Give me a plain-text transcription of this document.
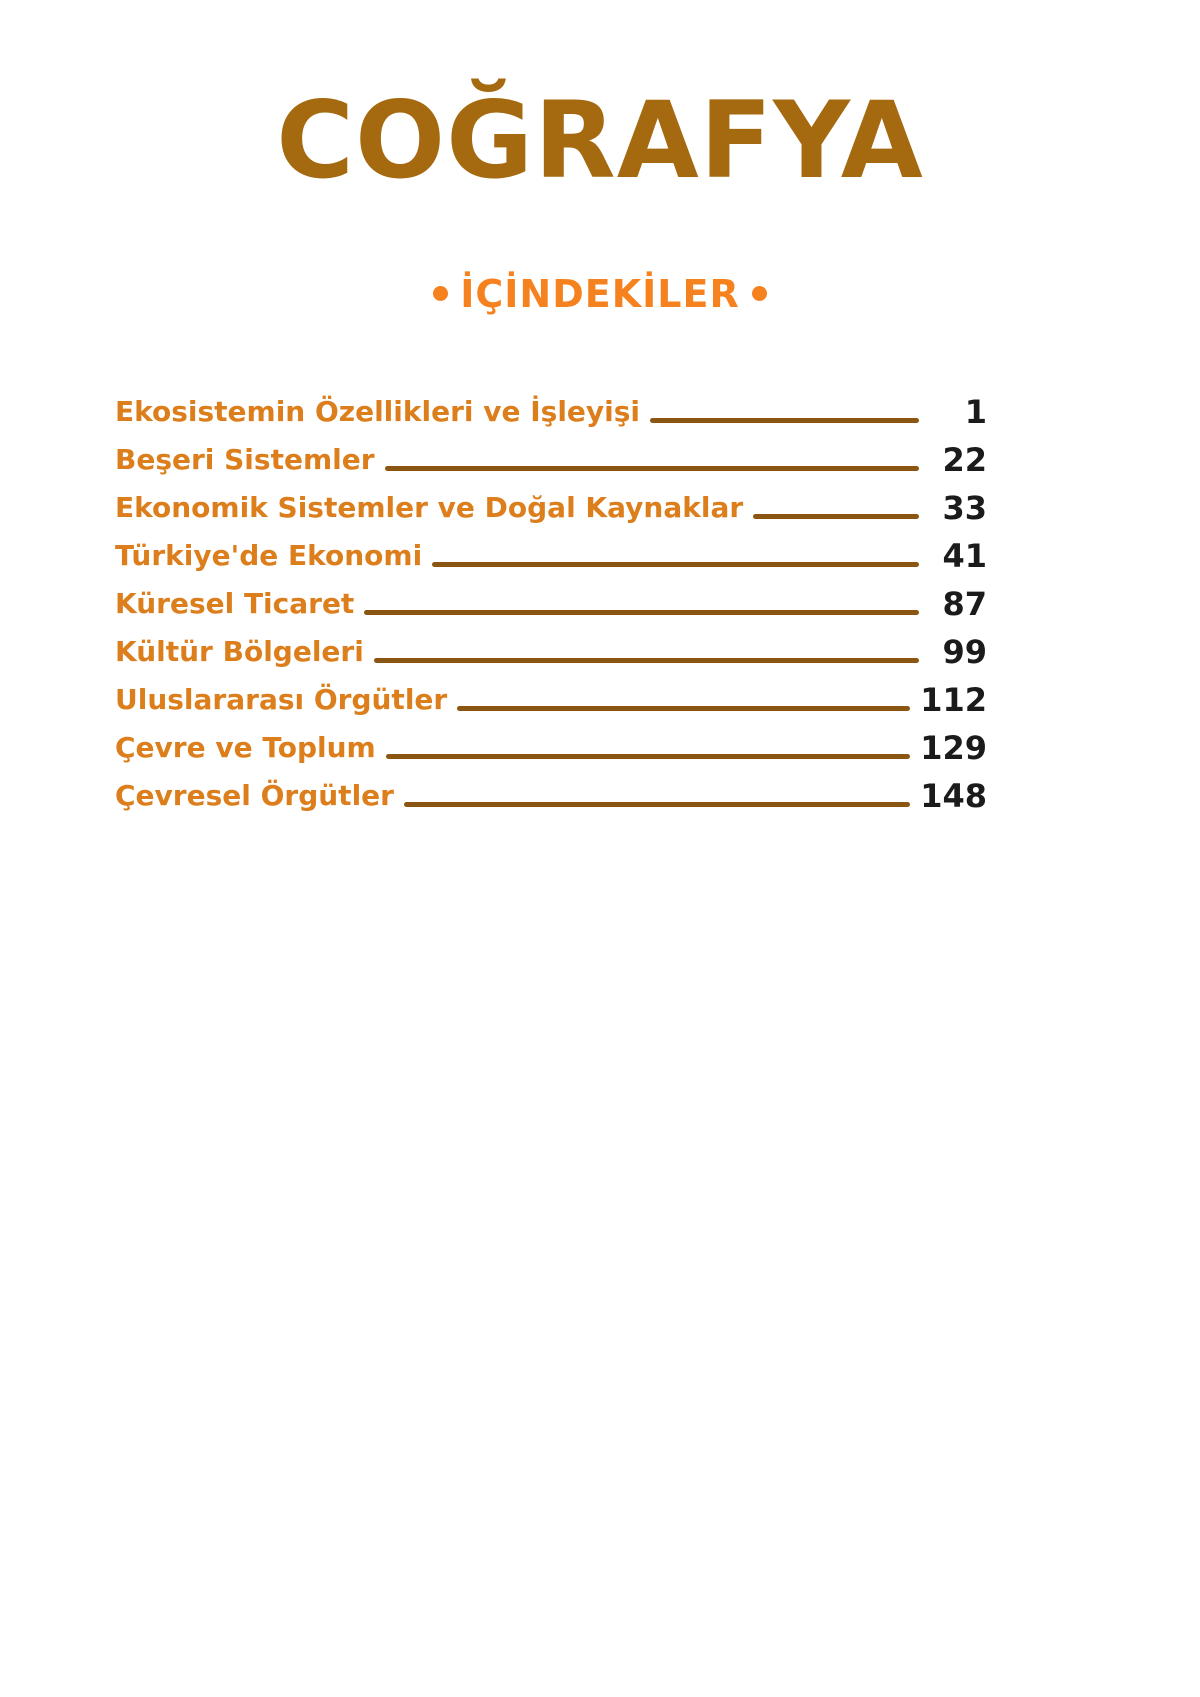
COĞRAFYA
İÇİNDEKİLER
Ekosistemin Özellikleri ve İşleyişi	1
Beşeri Sistemler	22
Ekonomik Sistemler ve Doğal Kaynaklar	33
Türkiye'de Ekonomi	41
Küresel Ticaret	87
Kültür Bölgeleri	99
Uluslararası Örgütler	112
Çevre ve Toplum	129
Çevresel Örgütler	148
